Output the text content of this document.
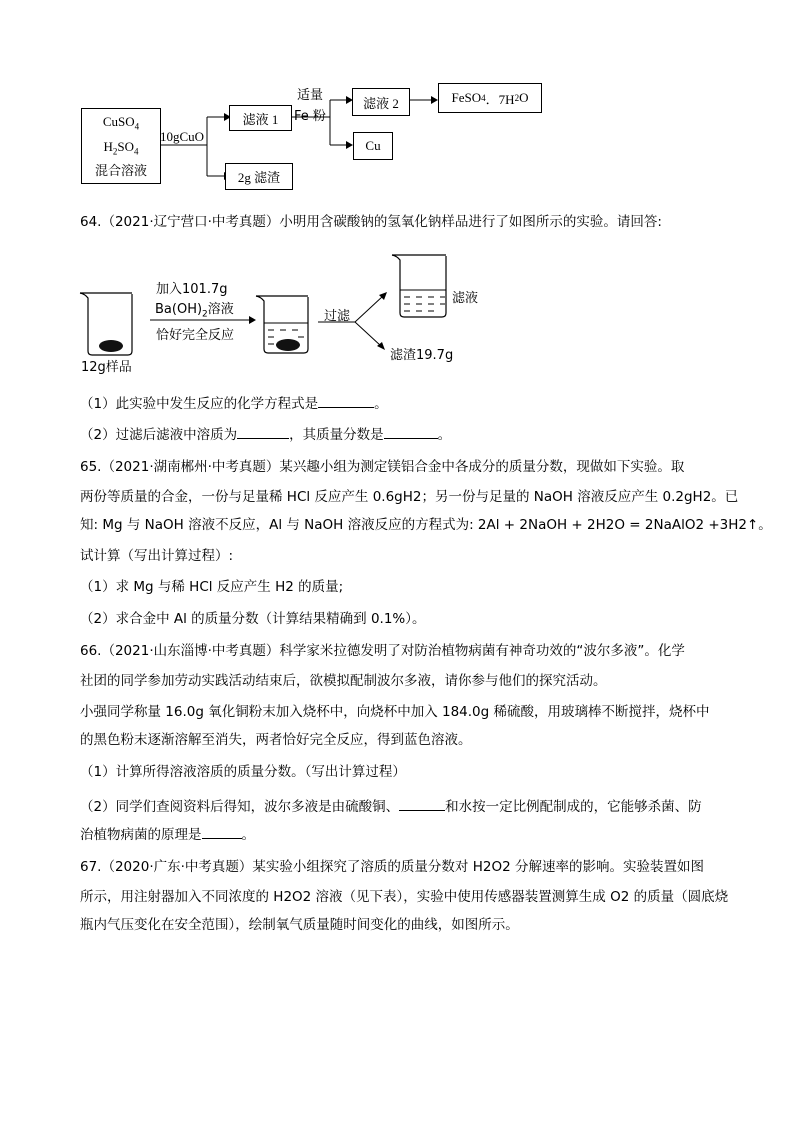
CuSO$_4$
$H_2SO_4$
混合溶液
10gCuO
滤液 1
2g 滤渣
适量
Fe 粉
滤液 2
Cu
FeSO 4 ．7H 2 O
64.（2021·辽宁营口·中考真题）小明用含碳酸钠的氢氧化钠样品进行了如图所示的实验。请回答:
加入101.7g
$Ba(OH)_2$溶液
恰好完全反应
12g样品
过滤
滤液
滤渣19.7g
（1）此实验中发生反应的化学方程式是	。
（2）过滤后滤液中溶质为	，其质量分数是	。
65.（2021·湖南郴州·中考真题）某兴趣小组为测定镁铝合金中各成分的质量分数，现做如下实验。取
两份等质量的合金，一份与足量稀 HCl 反应产生 0.6gH2；另一份与足量的 NaOH 溶液反应产生 0.2gH2。已
知: Mg 与 NaOH 溶液不反应，Al 与 NaOH 溶液反应的方程式为: 2Al + 2NaOH + 2H2O = 2NaAlO2 +3H2↑。
试计算（写出计算过程）:
（1）求 Mg 与稀 HCl 反应产生 H2 的质量;
（2）求合金中 Al 的质量分数（计算结果精确到 0.1%）。
66.（2021·山东淄博·中考真题）科学家米拉德发明了对防治植物病菌有神奇功效的“波尔多液”。化学
社团的同学参加劳动实践活动结束后，欲模拟配制波尔多液，请你参与他们的探究活动。
小强同学称量 16.0g 氧化铜粉末加入烧杯中，向烧杯中加入 184.0g 稀硫酸，用玻璃棒不断搅拌，烧杯中
的黑色粉末逐渐溶解至消失，两者恰好完全反应，得到蓝色溶液。
（1）计算所得溶液溶质的质量分数。（写出计算过程）
（2）同学们查阅资料后得知，波尔多液是由硫酸铜、	和水按一定比例配制成的，它能够杀菌、防
治植物病菌的原理是	。
67.（2020·广东·中考真题）某实验小组探究了溶质的质量分数对 H2O2 分解速率的影响。实验装置如图
所示，用注射器加入不同浓度的 H2O2 溶液（见下表），实验中使用传感器装置测算生成 O2 的质量（圆底烧
瓶内气压变化在安全范围），绘制氧气质量随时间变化的曲线，如图所示。
